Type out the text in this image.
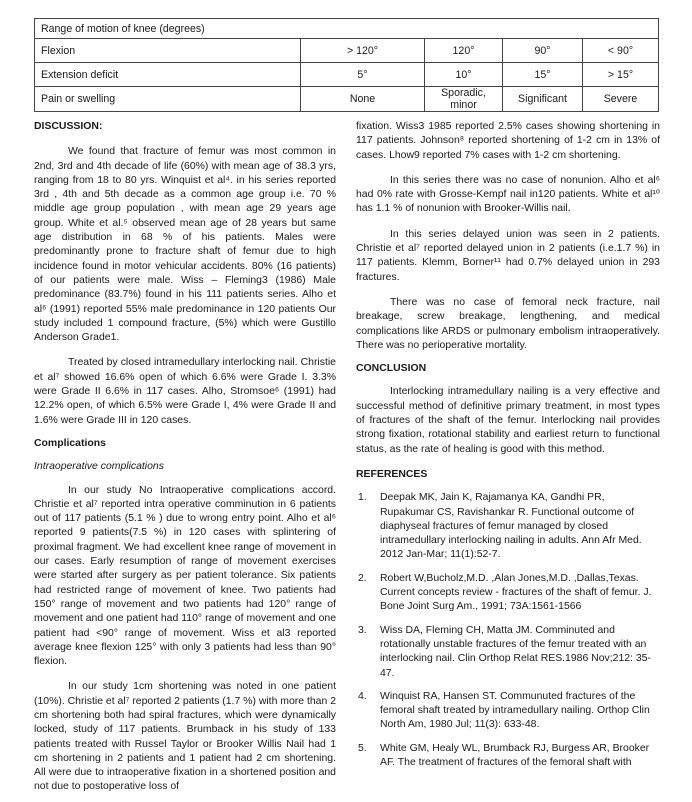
Range of motion of knee (degrees)				
Flexion	> 120°	120°	90°	< 90°
Extension deficit	5°	10°	15°	> 15°
Pain or swelling	None	Sporadic, minor	Significant	Severe

DISCUSSION:

We found that fracture of femur was most common in 2nd, 3rd and 4th decade of life (60%) with mean age of 38.3 yrs, ranging from 18 to 80 yrs. Winquist et al⁴. in his series reported 3rd , 4th and 5th decade as a common age group i.e. 70 % middle age group population , with mean age 29 years age group. White et al.⁵ observed mean age of 28 years but same age distribution in 68 % of his patients. Males were predominantly prone to fracture shaft of femur due to high incidence found in motor vehicular accidents. 80% (16 patients) of our patients were male. Wiss – Fleming3 (1986) Male predominance (83.7%) found in his 111 patients series. Alho et al⁶ (1991) reported 55% male predominance in 120 patients Our study included 1 compound fracture, (5%) which were Gustillo Anderson Grade1.

Treated by closed intramedullary interlocking nail. Christie et al⁷ showed 16.6% open of which 6.6% were Grade I. 3.3% were Grade II 6.6% in 117 cases. Alho, Stromsoe⁶ (1991) had 12.2% open, of which 6.5% were Grade I, 4% were Grade II and 1.6% were Grade III in 120 cases.

Complications

Intraoperative complications

In our study No Intraoperative complications accord. Christie et al⁷ reported intra operative comminution in 6 patients out of 117 patients (5.1 % ) due to wrong entry point. Alho et al⁶ reported 9 patients(7.5 %) in 120 cases with splintering of proximal fragment. We had excellent knee range of movement in our cases. Early resumption of range of movement exercises were started after surgery as per patient tolerance. Six patients had restricted range of movement of knee. Two patients had 150° range of movement and two patients had 120° range of movement and one patient had 110° range of movement and one patient had <90° range of movement. Wiss et al3 reported average knee flexion 125° with only 3 patients had less than 90° flexion.

In our study 1cm shortening was noted in one patient (10%). Christie et al⁷ reported 2 patients (1.7 %) with more than 2 cm shortening both had spiral fractures, which were dynamically locked, study of 117 patients. Brumback in his study of 133 patients treated with Russel Taylor or Brooker Willis Nail had 1 cm shortening in 2 patients and 1 patient had 2 cm shortening. All were due to intraoperative fixation in a shortened position and not due to postoperative loss of

fixation. Wiss3 1985 reported 2.5% cases showing shortening in 117 patients. Johnson⁸ reported shortening of 1-2 cm in 13% of cases. Lhow9 reported 7% cases with 1-2 cm shortening.

In this series there was no case of nonunion. Alho et al⁶ had 0% rate with Grosse-Kempf nail in120 patients. White et al¹⁰ has 1.1 % of nonunion with Brooker-Willis nail.

In this series delayed union was seen in 2 patients. Christie et al⁷ reported delayed union in 2 patients (i.e.1.7 %) in 117 patients. Klemm, Borner¹¹ had 0.7% delayed union in 293 fractures.

There was no case of femoral neck fracture, nail breakage, screw breakage, lengthening, and medical complications like ARDS or pulmonary embolism intraoperatively. There was no perioperative mortality.

CONCLUSION

Interlocking intramedullary nailing is a very effective and successful method of definitive primary treatment, in most types of fractures of the shaft of the femur. Interlocking nail provides strong fixation, rotational stability and earliest return to functional status, as the rate of healing is good with this method.

REFERENCES

1. Deepak MK, Jain K, Rajamanya KA, Gandhi PR, Rupakumar CS, Ravishankar R. Functional outcome of diaphyseal fractures of femur managed by closed intramedullary interlocking nailing in adults. Ann Afr Med. 2012 Jan-Mar; 11(1):52-7.
2. Robert W,Bucholz,M.D. ,Alan Jones,M.D. ,Dallas,Texas. Current concepts review - fractures of the shaft of femur. J. Bone Joint Surg Am., 1991; 73A:1561-1566
3. Wiss DA, Fleming CH, Matta JM. Comminuted and rotationally unstable fractures of the femur treated with an interlocking nail. Clin Orthop Relat RES.1986 Nov;212: 35-47.
4. Winquist RA, Hansen ST. Communuted fractures of the femoral shaft treated by intramedullary nailing. Orthop Clin North Am, 1980 Jul; 11(3): 633-48.
5. White GM, Healy WL, Brumback RJ, Burgess AR, Brooker AF. The treatment of fractures of the femoral shaft with
